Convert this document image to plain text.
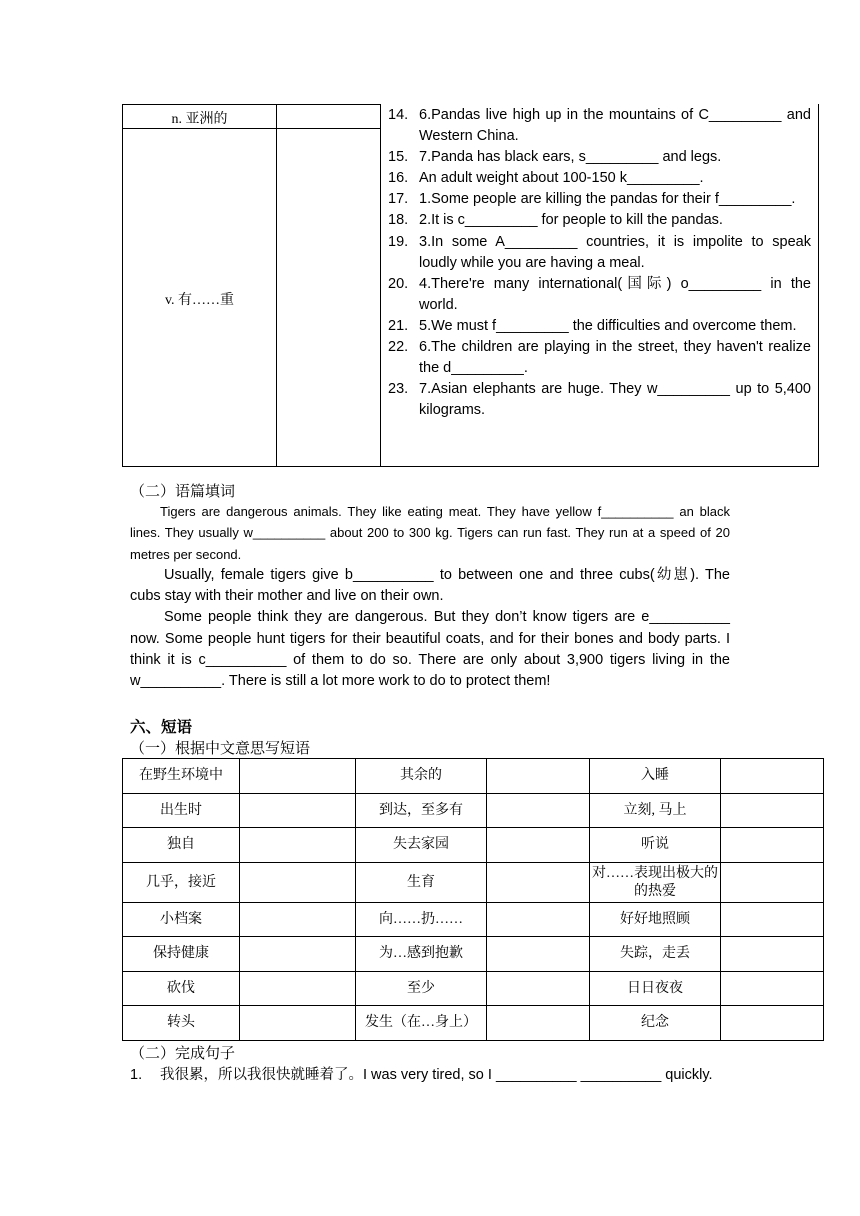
n. 亚洲的
v. 有……重
14. 6.Pandas live high up in the mountains of C_________ and Western China.
15. 7.Panda has black ears, s_________ and legs.
16. An adult weight about 100-150 k_________.
17. 1.Some people are killing the pandas for their f_________.
18. 2.It is c_________ for people to kill the pandas.
19. 3.In some A_________ countries, it is impolite to speak loudly while you are having a meal.
20. 4.There're many international(国际) o_________ in the world.
21. 5.We must f_________ the difficulties and overcome them.
22. 6.The children are playing in the street, they haven't realize the d_________.
23. 7.Asian elephants are huge. They w_________ up to 5,400 kilograms.
（二）语篇填词

Tigers are dangerous animals. They like eating meat. They have yellow f__________ an black lines. They usually w__________ about 200 to 300 kg. Tigers can run fast. They run at a speed of 20 metres per second.

Usually, female tigers give b__________ to between one and three cubs(幼崽). The cubs stay with their mother and live on their own.

Some people think they are dangerous. But they don’t know tigers are e__________ now. Some people hunt tigers for their beautiful coats, and for their bones and body parts. I think it is c__________ of them to do so. There are only about 3,900 tigers living in the w__________. There is still a lot more work to do to protect them!

六、短语
（一）根据中文意思写短语
在野生环境中		其余的		入睡	
出生时		到达，至多有		立刻, 马上	
独自		失去家园		听说	
几乎，接近		生育		对……表现出极大的的热爱	
小档案		向……扔……		好好地照顾	
保持健康		为…感到抱歉		失踪，走丢	
砍伐		至少		日日夜夜	
转头		发生（在…身上）		纪念	
（二）完成句子
1. 我很累，所以我很快就睡着了。I was very tired, so I __________ __________ quickly.
